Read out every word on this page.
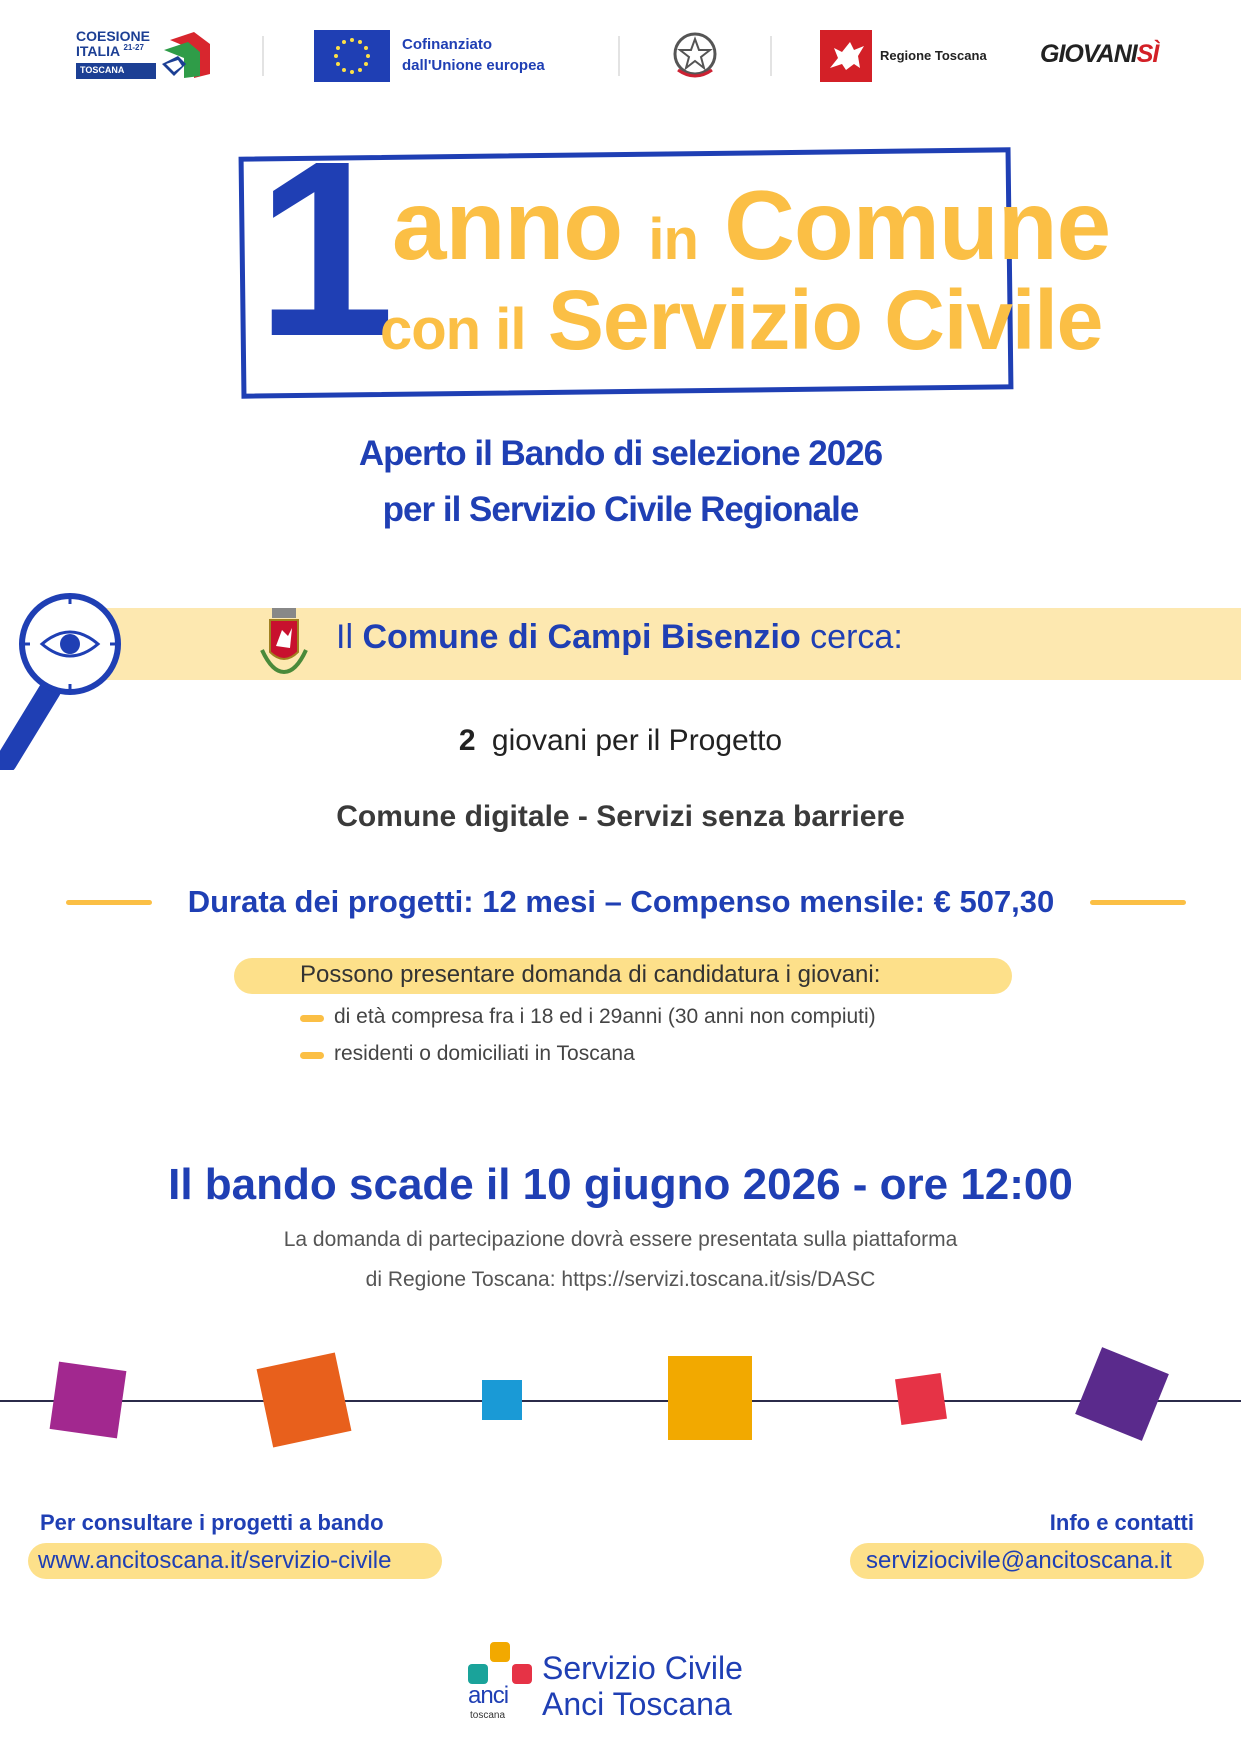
COESIONE
ITALIA $^{21-27}$
TOSCANA
Cofinanziato
dall'Unione europea
Regione Toscana GIOVANISÌ
1 anno in Comune
con il Servizio Civile
Aperto il Bando di selezione 2026
per il Servizio Civile Regionale
Il Comune di Campi Bisenzio cerca:
2 giovani per il Progetto
Comune digitale - Servizi senza barriere
Durata dei progetti: 12 mesi – Compenso mensile: € 507,30
Possono presentare domanda di candidatura i giovani:
di età compresa fra i 18 ed i 29anni (30 anni non compiuti)
residenti o domiciliati in Toscana
Il bando scade il 10 giugno 2026 - ore 12:00
La domanda di partecipazione dovrà essere presentata sulla piattaforma
di Regione Toscana: https://servizi.toscana.it/sis/DASC
Per consultare i progetti a bando
www.ancitoscana.it/servizio-civile
Info e contatti
serviziocivile@ancitoscana.it
anci
toscana
Servizio Civile
Anci Toscana
